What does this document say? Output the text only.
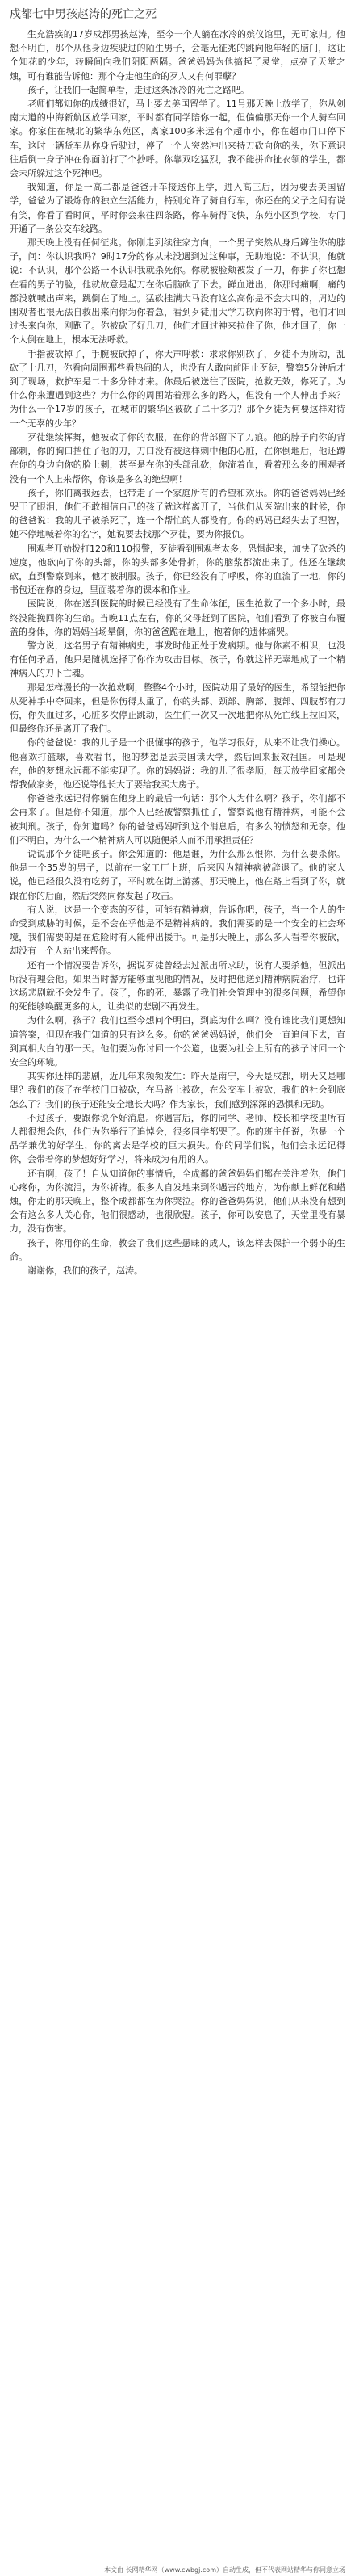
戍都七中男孩赵涛的死亡之死

生充浩疾的17岁戍都男孩赵涛，至今一个人躺在冰冷的殡仪馆里，无可家归。他想不明白，那个从他身边疾驶过的陌生男子，会毫无征兆的跳向他年轻的脑门，这让个知花的少年，转瞬间向我们阴阳两隔。爸爸妈妈为他搞起了灵堂，点亮了天堂之烛，可有谁能告诉他：那个夺走他生命的歹人又有何罪孽？

孩子，让我们一起简单看，走过这条冰冷的死亡之路吧。

老师们都知你的成绩很好，马上要去美国留学了。11号那天晚上放学了，你从剑南大道的中海新航区放学回家，平时都有同学陪你一起，但偏偏那天你一个人骑车回家。你家住在城北的繁华东苑区，离家100多米远有个超市小，你在超市门口停下车，这时一辆货车从你身后驶过，停了一个人突然冲出来持刀砍向你的头，你下意识往后倒一身子冲在你面前打了个抄呼。你靠双吃猛烈，我不能拼命扯衣领的学生，都会未所躲过这个死神吧。

我知道，你是一高二都是爸爸开车接送你上学，进入高三后，因为要去美国留学，爸爸为了锻炼你的独立生活能力，特别允许了骑自行车，你还在的父子之间有说有笑，你看了看时间，平时你会来往四条路，你车骑得飞快，东苑小区到学校，专门开通了一条公交车线路。

那天晚上没有任何征兆。你刚走到续往家方向，一个男子突然从身后蹿住你的脖子，问：你认识我吗？9时17分的你从未没遇到过这种事，无助地说：不认识，他就说：不认识，那个公路一不认识我就杀死你。你就被脸颊被发了一刀，你拼了你也想在看的男子的脸，他就故意是起刀在你后脑砍了下去。鲜血迸出，你那时痛啊，痛的都没就喊出声来，跳倒在了地上。猛砍挂满大马没有这么高你是不会大叫的，周边的围观者也很无法自救出来向你为你着急，看到歹徒用大学刀砍向你的手臂，他们才回过头来向你，刚跑了。你被砍了好几刀，他们才回过神来拉住了你，他才回了，你一个人倒在地上，根本无法呼救。

手指被砍掉了，手腕被砍掉了，你大声呼救：求求你别砍了，歹徒不为所动，乱砍了十几刀，你看向周围那些看热闹的人，也没有人敢向前阻止歹徒，警察5分钟后才到了现场，救护车是二十多分钟才来。你最后被送往了医院，抢救无效，你死了。为什么你来遭遇到这些？为什么你的周围站着那么多的路人，但没有一个人伸出手来？为什么一个17岁的孩子，在城市的繁华区被砍了二十多刀？那个歹徒为何要这样对待一个无辜的少年？

歹徒继续挥舞，他被砍了你的衣服，在你的背部留下了刀痕。他的脖子向你的背部刺，你的胸口挡住了他的刀，刀口没有被这样刺中他的心脏，在你倒地后，他还蹲在你的身边向你的脸上刺，甚至是在你的头部乱砍，你流着血，看着那么多的围观者没有一个人上来帮你，你该是多么的绝望啊！

孩子，你们离我远去，也带走了一个家庭所有的希望和欢乐。你的爸爸妈妈已经哭干了眼泪，他们不敢相信自己的孩子就这样离开了，当他们从医院出来的时候，你的爸爸说：我的儿子被杀死了，连一个帮忙的人都没有。你的妈妈已经失去了理智，她不停地喊着你的名字，她说要去找那个歹徒，要为你报仇。

围观者开始拨打120和110报警，歹徒看到围观者太多，恐惧起来，加快了砍杀的速度，他砍向了你的头部，你的头部多处骨折，你的脑浆都流出来了。他还在继续砍，直到警察到来，他才被制服。孩子，你已经没有了呼吸，你的血流了一地，你的书包还在你的身边，里面装着你的课本和作业。

医院说，你在送到医院的时候已经没有了生命体征，医生抢救了一个多小时，最终没能挽回你的生命。当晚11点左右，你的父母赶到了医院，他们看到了你被白布覆盖的身体，你的妈妈当场晕倒，你的爸爸跪在地上，抱着你的遗体痛哭。

警方说，这名男子有精神病史，事发时他正处于发病期。他与你素不相识，也没有任何矛盾，他只是随机选择了你作为攻击目标。孩子，你就这样无辜地成了一个精神病人的刀下亡魂。

那是怎样漫长的一次抢救啊，整整4个小时，医院动用了最好的医生，希望能把你从死神手中夺回来，但是你伤得太重了，你的头部、颈部、胸部、腹部、四肢都有刀伤，你失血过多，心脏多次停止跳动，医生们一次又一次地把你从死亡线上拉回来，但最终你还是离开了我们。

你的爸爸说：我的儿子是一个很懂事的孩子，他学习很好，从来不让我们操心。他喜欢打篮球，喜欢看书，他的梦想是去美国读大学，然后回来报效祖国。可是现在，他的梦想永远都不能实现了。你的妈妈说：我的儿子很孝顺，每天放学回家都会帮我做家务，他还说等他长大了要给我买大房子。

你爸爸永远记得你躺在他身上的最后一句话：那个人为什么啊？孩子，你们都不会再来了。但是你不知道，那个人已经被警察抓住了，警察说他有精神病，可能不会被判刑。孩子，你知道吗？你的爸爸妈妈听到这个消息后，有多么的愤怒和无奈。他们不明白，为什么一个精神病人可以随便杀人而不用承担责任？

说说那个歹徒吧孩子。你会知道的：他是谁，为什么那么恨你，为什么要杀你。他是一个35岁的男子，以前在一家工厂上班，后来因为精神病被辞退了。他的家人说，他已经很久没有吃药了，平时就在街上游荡。那天晚上，他在路上看到了你，就跟在你的后面，然后突然向你发起了攻击。

有人说，这是一个变态的歹徒，可能有精神病，告诉你吧，孩子，当一个人的生命受到威胁的时候，是不会在乎他是不是精神病的。我们需要的是一个安全的社会环境，我们需要的是在危险时有人能伸出援手。可是那天晚上，那么多人看着你被砍，却没有一个人站出来帮你。

还有一个情况要告诉你，据说歹徒曾经去过派出所求助，说有人要杀他，但派出所没有理会他。如果当时警方能够重视他的情况，及时把他送到精神病院治疗，也许这场悲剧就不会发生了。孩子，你的死，暴露了我们社会管理中的很多问题，希望你的死能够唤醒更多的人，让类似的悲剧不再发生。

为什么啊，孩子？我们也至今想问个明白，到底为什么啊？没有谁比我们更想知道答案，但现在我们知道的只有这么多。你的爸爸妈妈说，他们会一直追问下去，直到真相大白的那一天。他们要为你讨回一个公道，也要为社会上所有的孩子讨回一个安全的环境。

其实你还样的悲剧，近几年来频频发生：昨天是南宁，今天是戍都，明天又是哪里？我们的孩子在学校门口被砍，在马路上被砍，在公交车上被砍，我们的社会到底怎么了？我们的孩子还能安全地长大吗？作为家长，我们感到深深的恐惧和无助。

不过孩子，要跟你说个好消息。你遇害后，你的同学、老师、校长和学校里所有人都很想念你，他们为你举行了追悼会，很多同学都哭了。你的班主任说，你是一个品学兼优的好学生，你的离去是学校的巨大损失。你的同学们说，他们会永远记得你，会带着你的梦想好好学习，将来成为有用的人。

还有啊，孩子！自从知道你的事情后，全成都的爸爸妈妈们都在关注着你，他们心疼你，为你流泪，为你祈祷。很多人自发地来到你遇害的地方，为你献上鲜花和蜡烛，你走的那天晚上，整个成都都在为你哭泣。你的爸爸妈妈说，他们从来没有想到会有这么多人关心你，他们很感动，也很欣慰。孩子，你可以安息了，天堂里没有暴力，没有伤害。

孩子，你用你的生命，教会了我们这些愚昧的成人，该怎样去保护一个弱小的生命。

谢谢你，我们的孩子，赵涛。

本文由 长网精华网（www.cwbgj.com）自动生成，但不代表网站精华与你同意立场
